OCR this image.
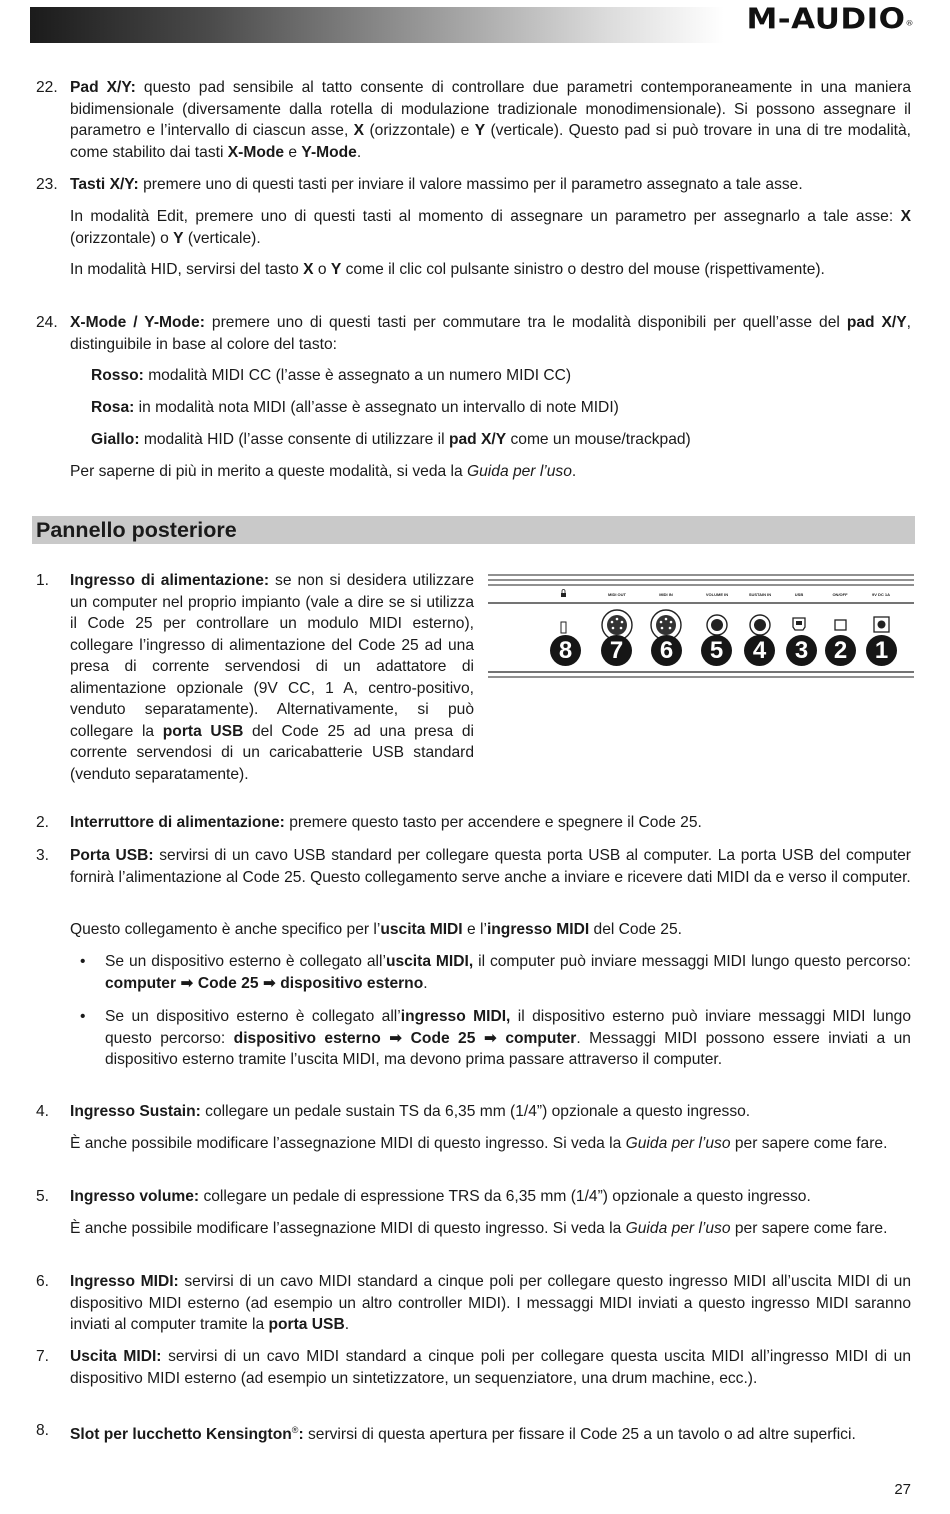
M-AUDIO®
22. Pad X/Y: questo pad sensibile al tatto consente di controllare due parametri contemporaneamente in una maniera bidimensionale (diversamente dalla rotella di modulazione tradizionale monodimensionale). Si possono assegnare il parametro e l’intervallo di ciascun asse, X (orizzontale) e Y (verticale). Questo pad si può trovare in una di tre modalità, come stabilito dai tasti X-Mode e Y-Mode.
23. Tasti X/Y: premere uno di questi tasti per inviare il valore massimo per il parametro assegnato a tale asse.
In modalità Edit, premere uno di questi tasti al momento di assegnare un parametro per assegnarlo a tale asse: X (orizzontale) o Y (verticale).
In modalità HID, servirsi del tasto X o Y come il clic col pulsante sinistro o destro del mouse (rispettivamente).
24. X-Mode / Y-Mode: premere uno di questi tasti per commutare tra le modalità disponibili per quell’asse del pad X/Y, distinguibile in base al colore del tasto:
Rosso: modalità MIDI CC (l’asse è assegnato a un numero MIDI CC)
Rosa: in modalità nota MIDI (all’asse è assegnato un intervallo di note MIDI)
Giallo: modalità HID (l’asse consente di utilizzare il pad X/Y come un mouse/trackpad)
Per saperne di più in merito a queste modalità, si veda la Guida per l’uso.
Pannello posteriore
1. Ingresso di alimentazione: se non si desidera utilizzare un computer nel proprio impianto (vale a dire se si utilizza il Code 25 per controllare un modulo MIDI esterno), collegare l’ingresso di alimentazione del Code 25 ad una presa di corrente servendosi di un adattatore di alimentazione opzionale (9V CC, 1 A, centro-positivo, venduto separatamente). Alternativamente, si può collegare la porta USB del Code 25 ad una presa di corrente servendosi di un caricabatterie USB standard (venduto separatamente).
MIDI OUT	MIDI IN	VOLUME IN	SUSTAIN IN	USB	ON/OFF	9V DC 1A
8	7	6	5	4	3	2	1
2. Interruttore di alimentazione: premere questo tasto per accendere e spegnere il Code 25.
3. Porta USB: servirsi di un cavo USB standard per collegare questa porta USB al computer. La porta USB del computer fornirà l’alimentazione al Code 25. Questo collegamento serve anche a inviare e ricevere dati MIDI da e verso il computer.
Questo collegamento è anche specifico per l’uscita MIDI e l’ingresso MIDI del Code 25.
• Se un dispositivo esterno è collegato all’uscita MIDI, il computer può inviare messaggi MIDI lungo questo percorso: computer ➡ Code 25 ➡ dispositivo esterno.
• Se un dispositivo esterno è collegato all’ingresso MIDI, il dispositivo esterno può inviare messaggi MIDI lungo questo percorso: dispositivo esterno ➡ Code 25 ➡ computer. Messaggi MIDI possono essere inviati a un dispositivo esterno tramite l’uscita MIDI, ma devono prima passare attraverso il computer.
4. Ingresso Sustain: collegare un pedale sustain TS da 6,35 mm (1/4”) opzionale a questo ingresso.
È anche possibile modificare l’assegnazione MIDI di questo ingresso. Si veda la Guida per l’uso per sapere come fare.
5. Ingresso volume: collegare un pedale di espressione TRS da 6,35 mm (1/4”) opzionale a questo ingresso.
È anche possibile modificare l’assegnazione MIDI di questo ingresso. Si veda la Guida per l’uso per sapere come fare.
6. Ingresso MIDI: servirsi di un cavo MIDI standard a cinque poli per collegare questo ingresso MIDI all’uscita MIDI di un dispositivo MIDI esterno (ad esempio un altro controller MIDI). I messaggi MIDI inviati a questo ingresso MIDI saranno inviati al computer tramite la porta USB.
7. Uscita MIDI: servirsi di un cavo MIDI standard a cinque poli per collegare questa uscita MIDI all’ingresso MIDI di un dispositivo MIDI esterno (ad esempio un sintetizzatore, un sequenziatore, una drum machine, ecc.).
8. Slot per lucchetto Kensington®: servirsi di questa apertura per fissare il Code 25 a un tavolo o ad altre superfici.
27
